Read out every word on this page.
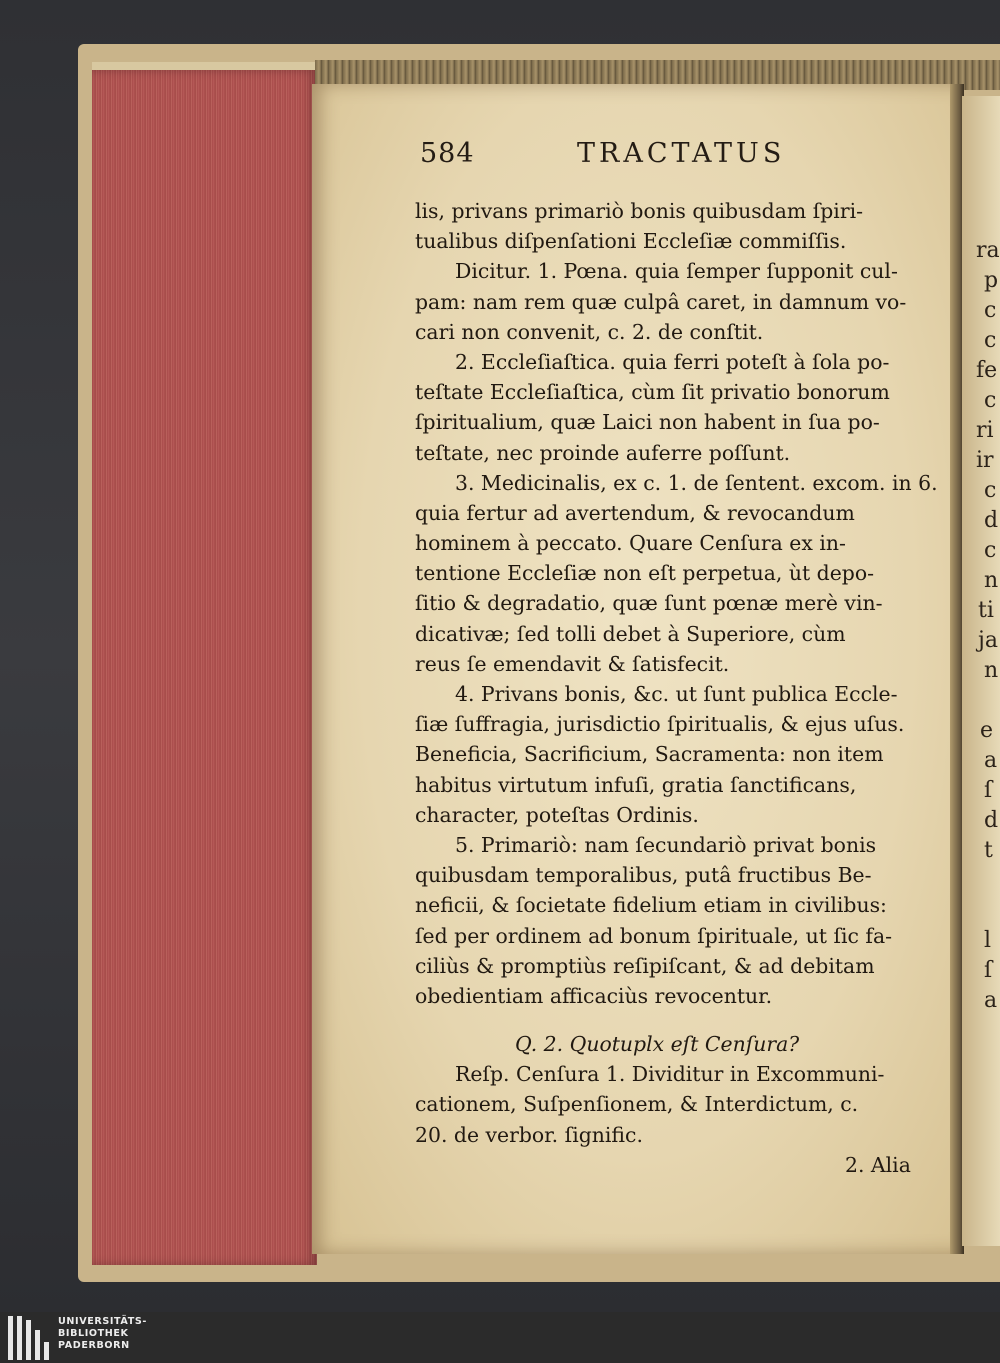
ra
p
c
c
fe
c
ri
ir
c
d
c
n
ti
ja
n
e
a
ſ
d
t
l
ſ
a
584	TRACTATUS
lis, privans primariò bonis quibusdam ſpiri-
tualibus diſpenſationi Eccleſiæ commiſſis.
Dicitur. 1. Pœna. quia ſemper ſupponit cul-
pam: nam rem quæ culpâ caret, in damnum vo-
cari non convenit, c. 2. de conſtit.
2. Eccleſiaſtica. quia ferri poteſt à ſola po-
teſtate Eccleſiaſtica, cùm ſit privatio bonorum
ſpiritualium, quæ Laici non habent in ſua po-
teſtate, nec proinde auferre poſſunt.
3. Medicinalis, ex c. 1. de ſentent. excom. in 6.
quia fertur ad avertendum, & revocandum
hominem à peccato. Quare Cenſura ex in-
tentione Eccleſiæ non eſt perpetua, ùt depo-
ſitio & degradatio, quæ ſunt pœnæ merè vin-
dicativæ; ſed tolli debet à Superiore, cùm
reus ſe emendavit & ſatisfecit.
4. Privans bonis, &c. ut ſunt publica Eccle-
ſiæ ſuffragia, jurisdictio ſpiritualis, & ejus uſus.
Beneficia, Sacrificium, Sacramenta: non item
habitus virtutum infuſi, gratia ſanctificans,
character, poteſtas Ordinis.
5. Primariò: nam ſecundariò privat bonis
quibusdam temporalibus, putâ fructibus Be-
neficii, & ſocietate fidelium etiam in civilibus:
ſed per ordinem ad bonum ſpirituale, ut ſic fa-
ciliùs & promptiùs reſipiſcant, & ad debitam
obedientiam afficaciùs revocentur.
Q. 2. Quotuplx eſt Cenſura?
Reſp. Cenſura 1. Dividitur in Excommuni-
cationem, Suſpenſionem, & Interdictum, c.
20. de verbor. ſignific.
2. Alia
UNIVERSITÄTS-
BIBLIOTHEK
PADERBORN
